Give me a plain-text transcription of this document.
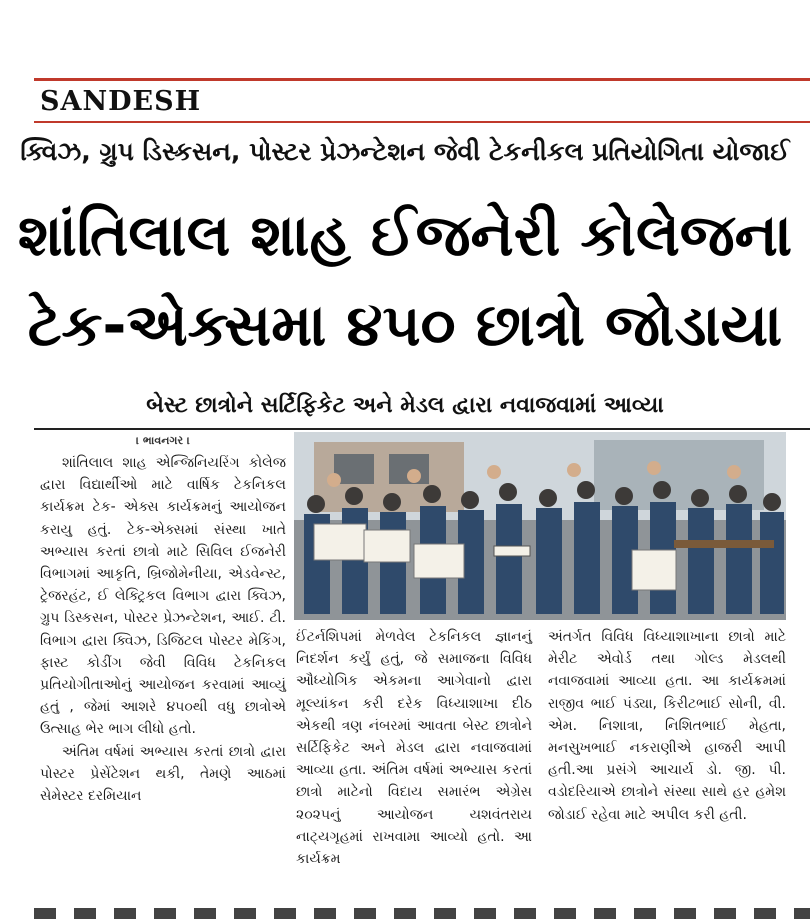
SANDESH
ક્વિઝ, ગ્રુપ ડિસ્કસન, પોસ્ટર પ્રેઝન્ટેશન જેવી ટેકનીકલ પ્રતિયોગિતા યોજાઈ
શાંતિલાલ શાહ ઈજનેરી કોલેજના
ટેક-એક્સમા ૪૫૦ છાત્રો જોડાયા
બેસ્ટ છાત્રોને સર્ટિફિકેટ અને મેડલ દ્વારા નવાજવામાં આવ્યા
। ભાવનગર ।

શાંતિલાલ શાહ એન્જિનિયરિંગ કોલેજ દ્વારા વિદ્યાર્થીઓ માટે વાર્ષિક ટેકનિકલ કાર્યક્રમ ટેક- એક્સ કાર્યક્રમનું આયોજન કરાયુ હતું. ટેક-એક્સમાં સંસ્થા ખાતે અભ્યાસ કરતાં છાત્રો માટે સિવિલ ઈજનેરી વિભાગમાં આકૃતિ, બ્રિજોમેનીયા, એડવેન્સ્ટ, ટ્રેજરહંટ, ઈ લેક્ટ્રિકલ વિભાગ દ્વારા ક્વિઝ, ગ્રુપ ડિસ્કસન, પોસ્ટર પ્રેઝન્ટેશન, આઈ. ટી. વિભાગ દ્વારા ક્વિઝ, ડિજિટલ પોસ્ટર મેકિંગ, ફાસ્ટ કોડીંગ જેવી વિવિધ ટેકનિકલ પ્રતિયોગીતાઓનું આયોજન કરવામાં આવ્યું હતું , જેમાં આશરે ૪૫૦થી વધુ છાત્રોએ ઉત્સાહ ભેર ભાગ લીધો હતો.

અંતિમ વર્ષમાં અભ્યાસ કરતાં છાત્રો દ્વારા પોસ્ટર પ્રેસેંટેશન થકી, તેમણે આઠમાં સેમેસ્ટર દરમિયાન

ઈંટર્નશિપમાં મેળવેલ ટેકનિકલ જ્ઞાનનું નિદર્શન કર્યું હતું, જે સમાજના વિવિધ ઔધ્યોગિક એકમના આગેવાનો દ્વારા મૂલ્યાંકન કરી દરેક વિધ્યાશાખા દીઠ એકથી ત્રણ નંબરમાં આવતા બેસ્ટ છાત્રોને સર્ટિફિકેટ અને મેડલ દ્વારા નવાજવામાં આવ્યા હતા. અંતિમ વર્ષમાં અભ્યાસ કરતાં છાત્રો માટેનો વિદાય સમારંભ એગ્રેસ ૨૦૨૫નું આયોજન યશવંતરાય નાટ્યગૃહમાં રાખવામા આવ્યો હતો. આ કાર્યક્રમ
અંતર્ગત વિવિધ વિધ્યાશાખાના છાત્રો માટે મેરીટ એવોર્ડ તથા ગોલ્ડ મેડલથી નવાજવામાં આવ્યા હતા. આ કાર્યક્રમમાં રાજીવ ભાઈ પંડ્યા, કિરીટભાઈ સોની, વી. એમ. નિશાત્રા, નિશિતભાઈ મેહતા, મનસુખભાઈ નકરાણીએ હાજરી આપી હતી.આ પ્રસંગે આચાર્ય ડો. જી. પી. વડોદરિયાએ છાત્રોને સંસ્થા સાથે હર હમેશ જોડાઈ રહેવા માટે અપીલ કરી હતી.
